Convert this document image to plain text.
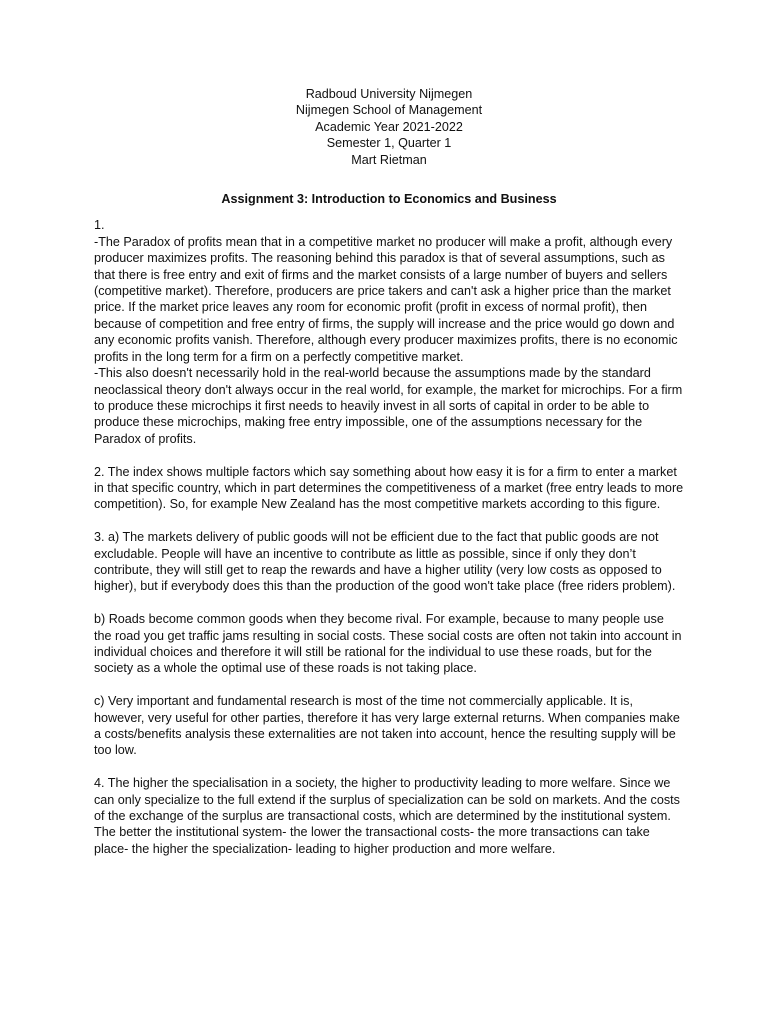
Radboud University Nijmegen
Nijmegen School of Management
Academic Year 2021-2022
Semester 1, Quarter 1
Mart Rietman
Assignment 3: Introduction to Economics and Business
1.
-The Paradox of profits mean that in a competitive market no producer will make a profit, although every producer maximizes profits. The reasoning behind this paradox is that of several assumptions, such as that there is free entry and exit of firms and the market consists of a large number of buyers and sellers (competitive market). Therefore, producers are price takers and can't ask a higher price than the market price. If the market price leaves any room for economic profit (profit in excess of normal profit), then because of competition and free entry of firms, the supply will increase and the price would go down and any economic profits vanish. Therefore, although every producer maximizes profits, there is no economic profits in the long term for a firm on a perfectly competitive market.
-This also doesn't necessarily hold in the real-world because the assumptions made by the standard neoclassical theory don't always occur in the real world, for example, the market for microchips. For a firm to produce these microchips it first needs to heavily invest in all sorts of capital in order to be able to produce these microchips, making free entry impossible, one of the assumptions necessary for the Paradox of profits.
2. The index shows multiple factors which say something about how easy it is for a firm to enter a market in that specific country, which in part determines the competitiveness of a market (free entry leads to more competition). So, for example New Zealand has the most competitive markets according to this figure.
3. a) The markets delivery of public goods will not be efficient due to the fact that public goods are not excludable. People will have an incentive to contribute as little as possible, since if only they don’t contribute, they will still get to reap the rewards and have a higher utility (very low costs as opposed to higher), but if everybody does this than the production of the good won't take place (free riders problem).
b) Roads become common goods when they become rival. For example, because to many people use the road you get traffic jams resulting in social costs. These social costs are often not takin into account in individual choices and therefore it will still be rational for the individual to use these roads, but for the society as a whole the optimal use of these roads is not taking place.
c) Very important and fundamental research is most of the time not commercially applicable. It is, however, very useful for other parties, therefore it has very large external returns. When companies make a costs/benefits analysis these externalities are not taken into account, hence the resulting supply will be too low.
4. The higher the specialisation in a society, the higher to productivity leading to more welfare. Since we can only specialize to the full extend if the surplus of specialization can be sold on markets. And the costs of the exchange of the surplus are transactional costs, which are determined by the institutional system. The better the institutional system- the lower the transactional costs- the more transactions can take place- the higher the specialization- leading to higher production and more welfare.
